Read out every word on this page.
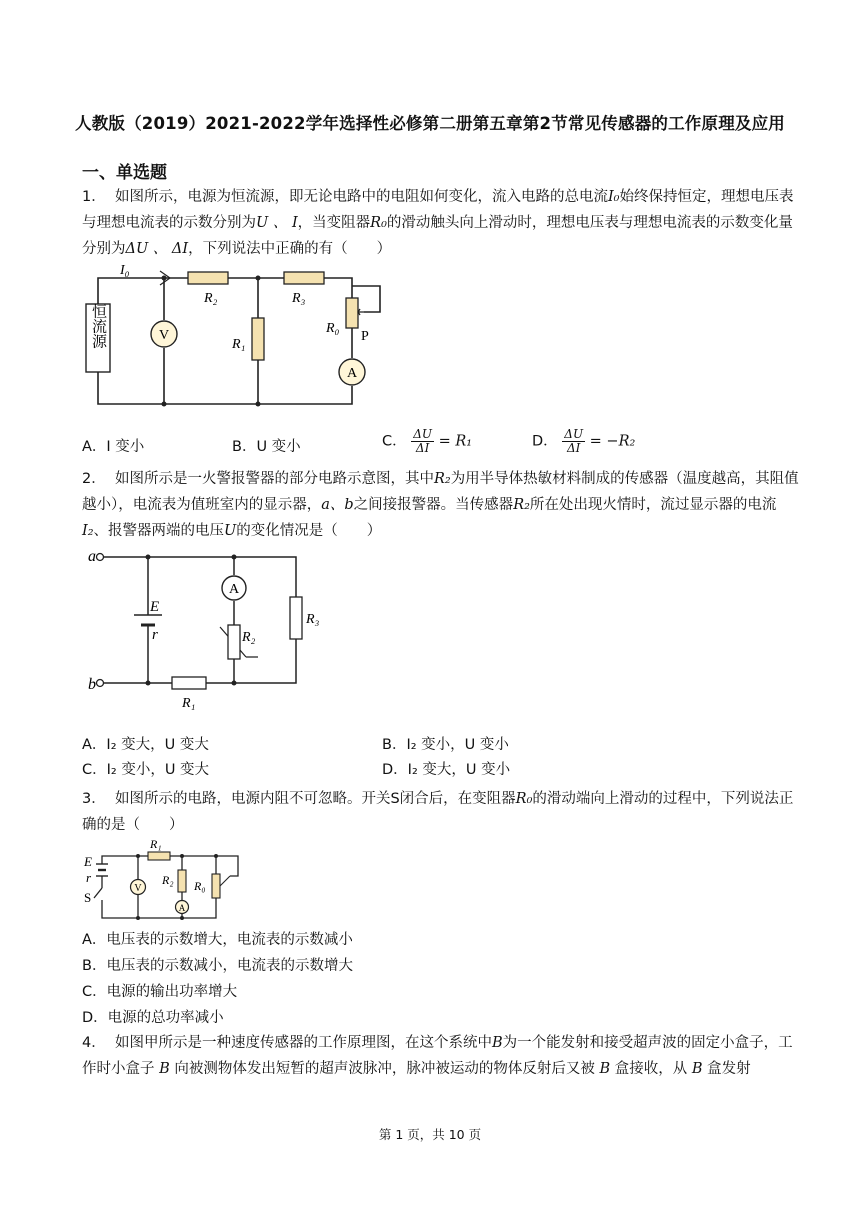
人教版（2019）2021-2022学年选择性必修第二册第五章第2节常见传感器的工作原理及应用
一、单选题
1． 如图所示，电源为恒流源，即无论电路中的电阻如何变化，流入电路的总电流I₀始终保持恒定，理想电压表与理想电流表的示数分别为U 、 I，当变阻器R₀的滑动触头向上滑动时，理想电压表与理想电流表的示数变化量分别为ΔU 、 ΔI，下列说法中正确的有（　　）
恒流源	V
A
I₀
R₂	R₃
R₁
R₀
P
A．I 变小	B．U 变小	C． $\frac{\Delta U}{\Delta I} = R_1$	D． $\frac{\Delta U}{\Delta I} = -R_2$
2． 如图所示是一火警报警器的部分电路示意图，其中R₂为用半导体热敏材料制成的传感器（温度越高，其阻值越小），电流表为值班室内的显示器，a、b之间接报警器。当传感器R₂所在处出现火情时，流过显示器的电流I₂、报警器两端的电压U的变化情况是（　　）
a
b
E
r
A
R₂
R₃
R₁
A．I₂ 变大，U 变大	B．I₂ 变小，U 变小
C．I₂ 变小，U 变大	D．I₂ 变大，U 变小
3． 如图所示的电路，电源内阻不可忽略。开关S闭合后，在变阻器R₀的滑动端向上滑动的过程中，下列说法正确的是（　　）
E
r
S
R₁
R₂ R₀
V
A
A．电压表的示数增大，电流表的示数减小
B．电压表的示数减小，电流表的示数增大
C．电源的输出功率增大
D．电源的总功率减小
4． 如图甲所示是一种速度传感器的工作原理图，在这个系统中B为一个能发射和接受超声波的固定小盒子，工作时小盒子 B 向被测物体发出短暂的超声波脉冲，脉冲被运动的物体反射后又被 B 盒接收，从 B 盒发射
第 1 页，共 10 页
